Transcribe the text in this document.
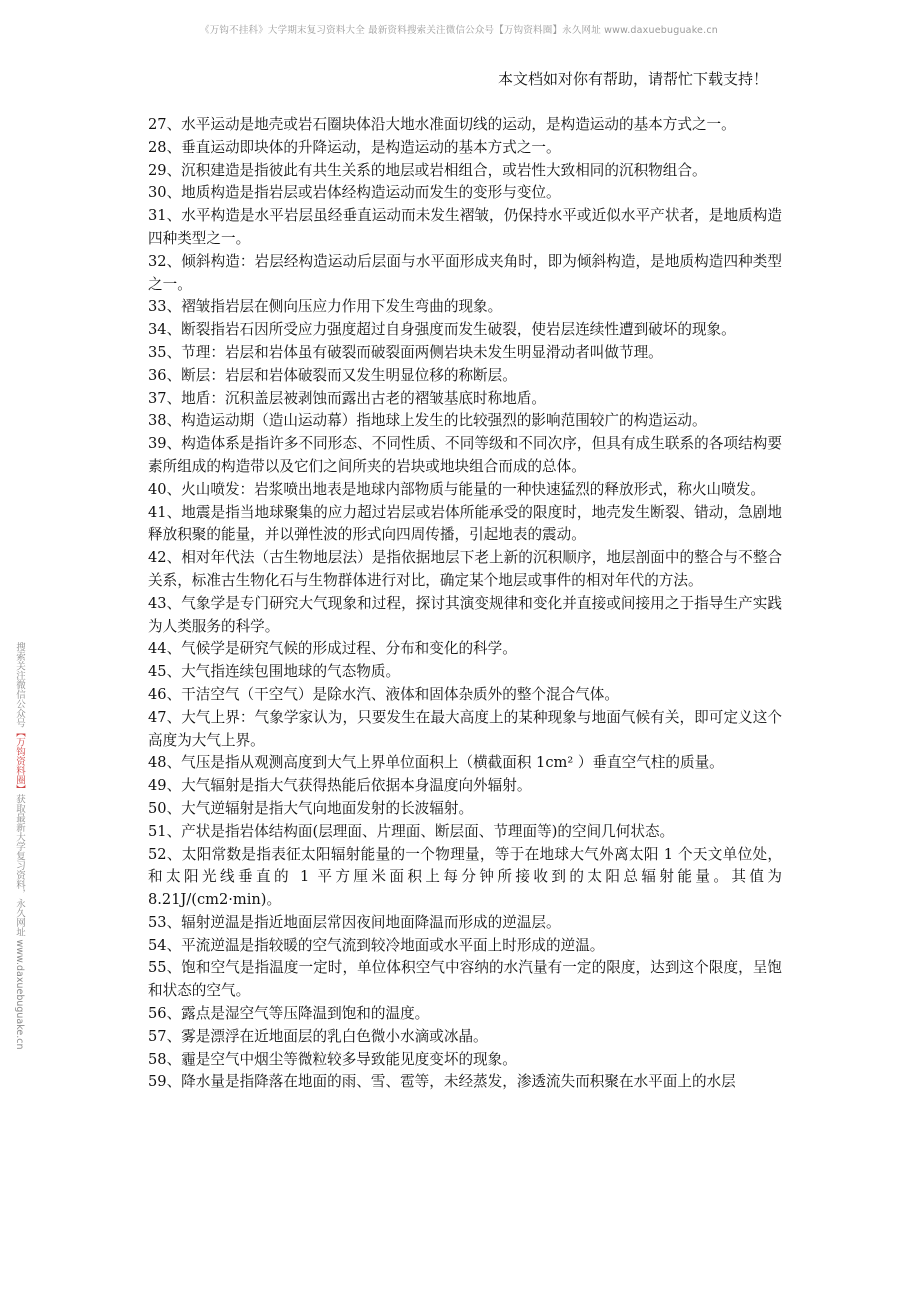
《万钩不挂科》大学期末复习资料大全 最新资料搜索关注微信公众号【万钩资料圈】永久网址 www.daxuebuguake.cn
本文档如对你有帮助，请帮忙下载支持！
搜索关注微信公众号【万钩资料圈】获取最新大学复习资料，永久网址 www.daxuebuguake.cn

27、水平运动是地壳或岩石圈块体沿大地水准面切线的运动，是构造运动的基本方式之一。

28、垂直运动即块体的升降运动，是构造运动的基本方式之一。

29、沉积建造是指彼此有共生关系的地层或岩相组合，或岩性大致相同的沉积物组合。

30、地质构造是指岩层或岩体经构造运动而发生的变形与变位。

31、水平构造是水平岩层虽经垂直运动而未发生褶皱，仍保持水平或近似水平产状者，是地质构造四种类型之一。

32、倾斜构造：岩层经构造运动后层面与水平面形成夹角时，即为倾斜构造，是地质构造四种类型之一。

33、褶皱指岩层在侧向压应力作用下发生弯曲的现象。

34、断裂指岩石因所受应力强度超过自身强度而发生破裂，使岩层连续性遭到破坏的现象。

35、节理：岩层和岩体虽有破裂而破裂面两侧岩块未发生明显滑动者叫做节理。

36、断层：岩层和岩体破裂而又发生明显位移的称断层。

37、地盾：沉积盖层被剥蚀而露出古老的褶皱基底时称地盾。

38、构造运动期（造山运动幕）指地球上发生的比较强烈的影响范围较广的构造运动。

39、构造体系是指许多不同形态、不同性质、不同等级和不同次序，但具有成生联系的各项结构要素所组成的构造带以及它们之间所夹的岩块或地块组合而成的总体。

40、火山喷发：岩浆喷出地表是地球内部物质与能量的一种快速猛烈的释放形式，称火山喷发。

41、地震是指当地球聚集的应力超过岩层或岩体所能承受的限度时，地壳发生断裂、错动，急剧地释放积聚的能量，并以弹性波的形式向四周传播，引起地表的震动。

42、相对年代法（古生物地层法）是指依据地层下老上新的沉积顺序，地层剖面中的整合与不整合关系，标准古生物化石与生物群体进行对比，确定某个地层或事件的相对年代的方法。

43、气象学是专门研究大气现象和过程，探讨其演变规律和变化并直接或间接用之于指导生产实践为人类服务的科学。

44、气候学是研究气候的形成过程、分布和变化的科学。

45、大气指连续包围地球的气态物质。

46、干洁空气（干空气）是除水汽、液体和固体杂质外的整个混合气体。

47、大气上界：气象学家认为，只要发生在最大高度上的某种现象与地面气候有关，即可定义这个高度为大气上界。

48、气压是指从观测高度到大气上界单位面积上（横截面积 1cm² ）垂直空气柱的质量。

49、大气辐射是指大气获得热能后依据本身温度向外辐射。

50、大气逆辐射是指大气向地面发射的长波辐射。

51、产状是指岩体结构面(层理面、片理面、断层面、节理面等)的空间几何状态。

52、太阳常数是指表征太阳辐射能量的一个物理量，等于在地球大气外离太阳 1 个天文单位处，和太阳光线垂直的 1 平方厘米面积上每分钟所接收到的太阳总辐射能量。其值为 8.21J/(cm2·min)。

53、辐射逆温是指近地面层常因夜间地面降温而形成的逆温层。

54、平流逆温是指较暖的空气流到较冷地面或水平面上时形成的逆温。

55、饱和空气是指温度一定时，单位体积空气中容纳的水汽量有一定的限度，达到这个限度，呈饱和状态的空气。

56、露点是湿空气等压降温到饱和的温度。

57、雾是漂浮在近地面层的乳白色微小水滴或冰晶。

58、霾是空气中烟尘等微粒较多导致能见度变坏的现象。

59、降水量是指降落在地面的雨、雪、雹等，未经蒸发，渗透流失而积聚在水平面上的水层
